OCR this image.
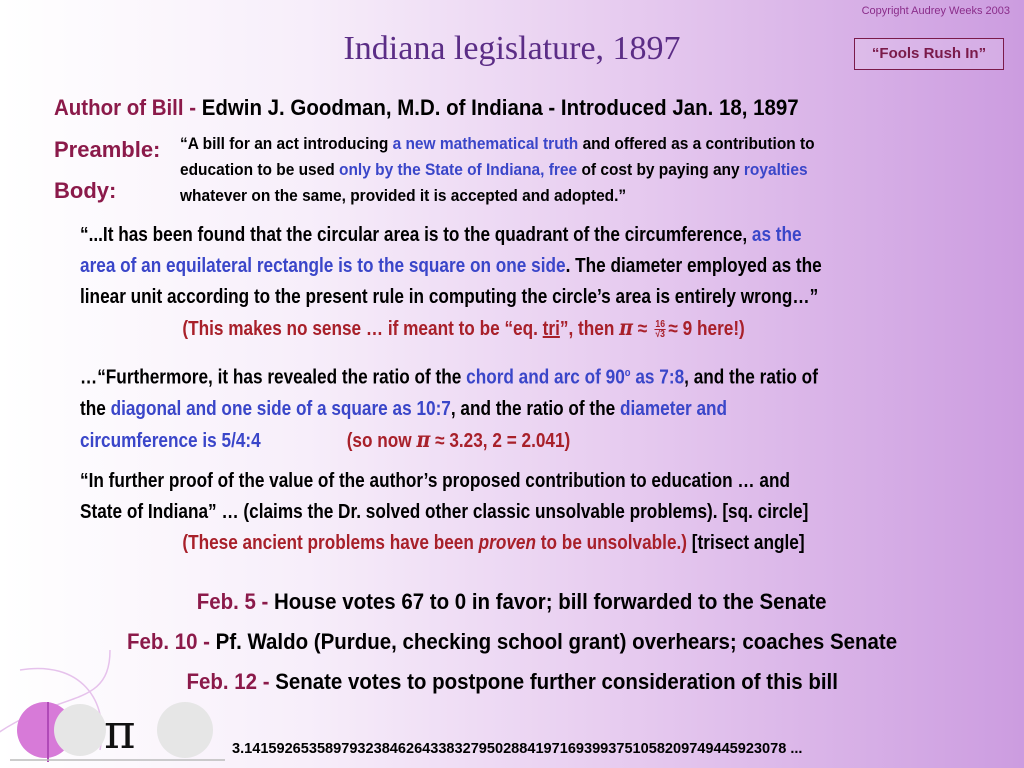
Copyright Audrey Weeks 2003
Indiana legislature, 1897	“Fools Rush In”
Author of Bill - Edwin J. Goodman, M.D. of Indiana - Introduced Jan. 18, 1897
Preamble:
Body:
“A bill for an act introducing a new mathematical truth and offered as a contribution to
education to be used only by the State of Indiana, free of cost by paying any royalties
whatever on the same, provided it is accepted and adopted.”
“...It has been found that the circular area is to the quadrant of the circumference, as the
area of an equilateral rectangle is to the square on one side. The diameter employed as the
linear unit according to the present rule in computing the circle’s area is entirely wrong…”
(This makes no sense … if meant to be “eq. tri”, then $\pi \approx \frac{16}{√3} \approx 9$ here!)
…“Furthermore, it has revealed the ratio of the chord and arc of 90$^o$ as 7:8, and the ratio of
the diagonal and one side of a square as 10:7, and the ratio of the diameter and
circumference is 5/4:4	(so now π ≈ 3.23, 2 = 2.041)
“In further proof of the value of the author’s proposed contribution to education … and
State of Indiana” … (claims the Dr. solved other classic unsolvable problems). [sq. circle]
(These ancient problems have been proven to be unsolvable.) [trisect angle]
Feb. 5 - House votes 67 to 0 in favor; bill forwarded to the Senate
Feb. 10 - Pf. Waldo (Purdue, checking school grant) overhears; coaches Senate
Feb. 12 - Senate votes to postpone further consideration of this bill
π	3.14159265358979323846264338327950288419716939937510582097494459230​78 ...
